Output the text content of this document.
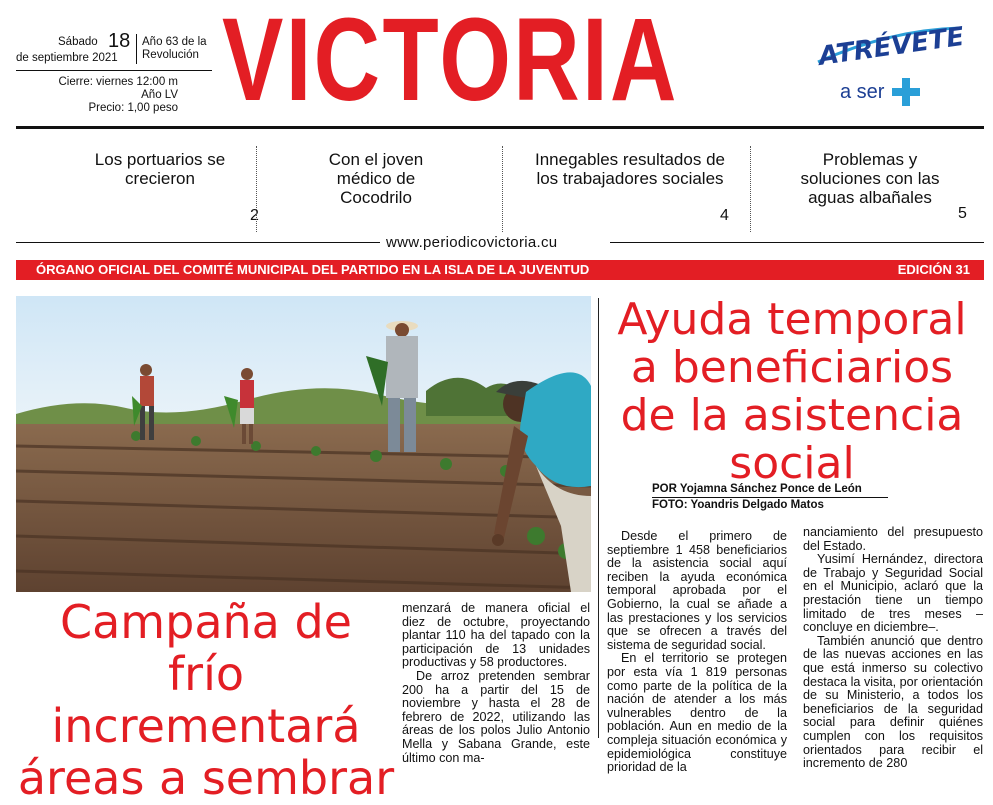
Sábado 18 Año 63 de la Revolución
de septiembre 2021
Cierre: viernes 12:00 m
Año LV
Precio: 1,00 peso VICTORIA	ATRÉVETE
a ser
Los portuarios se crecieron
2
Con el joven médico de Cocodrilo
Innegables resultados de los trabajadores sociales
4
Problemas y soluciones con las aguas albañales
5
www.periodicovictoria.cu
ÓRGANO OFICIAL DEL COMITÉ MUNICIPAL DEL PARTIDO EN LA ISLA DE LA JUVENTUD	EDICIÓN 31
Campaña de frío incrementará áreas a sembrar

menzará de manera oficial el diez de octubre, proyectando plantar 110 ha del tapado con la participación de 13 unidades productivas y 58 productores.

De arroz pretenden sembrar 200 ha a partir del 15 de noviembre y hasta el 28 de febrero de 2022, utilizando las áreas de los polos Julio Antonio Mella y Sabana Grande, este último con ma-

Ayuda temporal a beneficiarios de la asistencia social
POR Yojamna Sánchez Ponce de León
FOTO: Yoandris Delgado Matos

Desde el primero de septiembre 1 458 beneficiarios de la asistencia social aquí reciben la ayuda económica temporal aprobada por el Gobierno, la cual se añade a las prestaciones y los servicios que se ofrecen a través del sistema de seguridad social.

En el territorio se protegen por esta vía 1 819 personas como parte de la política de la nación de atender a los más vulnerables dentro de la población. Aun en medio de la compleja situación económica y epidemiológica constituye prioridad de la

nanciamiento del presupuesto del Estado.

Yusimí Hernández, directora de Trabajo y Seguridad Social en el Municipio, aclaró que la prestación tiene un tiempo limitado de tres meses –concluye en diciembre–.

También anunció que dentro de las nuevas acciones en las que está inmerso su colectivo destaca la visita, por orientación de su Ministerio, a todos los beneficiarios de la seguridad social para definir quiénes cumplen con los requisitos orientados para recibir el incremento de 280
